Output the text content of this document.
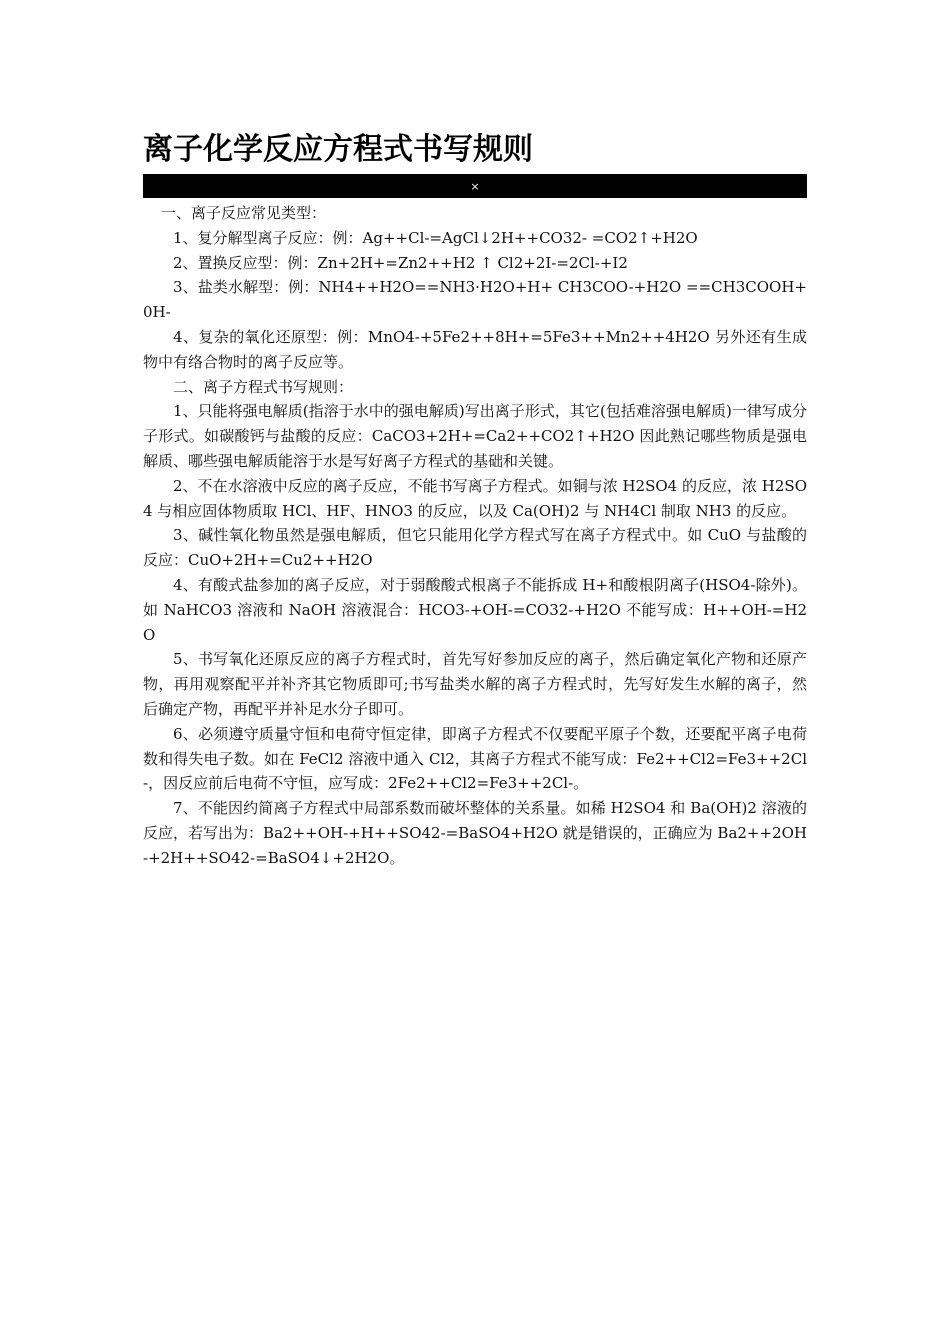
离子化学反应方程式书写规则
×

一、离子反应常见类型：

1、复分解型离子反应：例：Ag++Cl-=AgCl↓2H++CO32- =CO2↑+H2O

2、置换反应型：例：Zn+2H+=Zn2++H2 ↑ Cl2+2I-=2Cl-+I2

3、盐类水解型：例：NH4++H2O==NH3·H2O+H+ CH3COO-+H2O ==CH3COOH+0H-

4、复杂的氧化还原型：例：MnO4-+5Fe2++8H+=5Fe3++Mn2++4H2O 另外还有生成物中有络合物时的离子反应等。

二、离子方程式书写规则：

1、只能将强电解质(指溶于水中的强电解质)写出离子形式，其它(包括难溶强电解质)一律写成分子形式。如碳酸钙与盐酸的反应：CaCO3+2H+=Ca2++CO2↑+H2O 因此熟记哪些物质是强电解质、哪些强电解质能溶于水是写好离子方程式的基础和关键。

2、不在水溶液中反应的离子反应，不能书写离子方程式。如铜与浓 H2SO4 的反应，浓 H2SO4 与相应固体物质取 HCl、HF、HNO3 的反应，以及 Ca(OH)2 与 NH4Cl 制取 NH3 的反应。

3、碱性氧化物虽然是强电解质，但它只能用化学方程式写在离子方程式中。如 CuO 与盐酸的反应：CuO+2H+=Cu2++H2O

4、有酸式盐参加的离子反应，对于弱酸酸式根离子不能拆成 H+和酸根阴离子(HSO4-除外)。 如 NaHCO3 溶液和 NaOH 溶液混合：HCO3-+OH-=CO32-+H2O 不能写成：H++OH-=H2O

5、书写氧化还原反应的离子方程式时，首先写好参加反应的离子，然后确定氧化产物和还原产物，再用观察配平并补齐其它物质即可;书写盐类水解的离子方程式时，先写好发生水解的离子，然后确定产物，再配平并补足水分子即可。

6、必须遵守质量守恒和电荷守恒定律，即离子方程式不仅要配平原子个数，还要配平离子电荷数和得失电子数。如在 FeCl2 溶液中通入 Cl2，其离子方程式不能写成：Fe2++Cl2=Fe3++2Cl-，因反应前后电荷不守恒，应写成：2Fe2++Cl2=Fe3++2Cl-。

7、不能因约简离子方程式中局部系数而破坏整体的关系量。如稀 H2SO4 和 Ba(OH)2 溶液的反应，若写出为：Ba2++OH-+H++SO42-=BaSO4+H2O 就是错误的，正确应为 Ba2++2OH-+2H++SO42-=BaSO4↓+2H2O。
